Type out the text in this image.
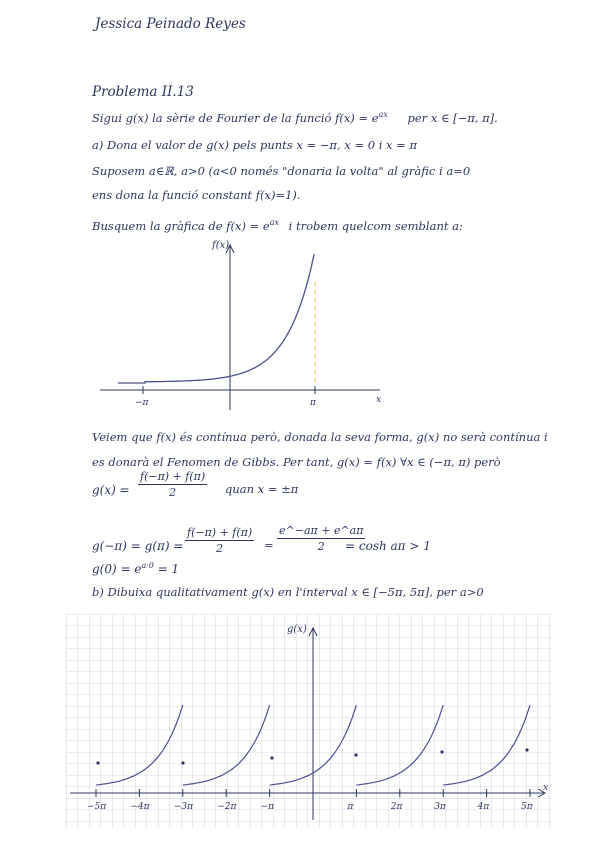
Jessica Peinado Reyes
Problema II.13
Sigui g(x) la sèrie de Fourier de la funció $f(x) = e^{ax}$ per x ∈ [−π, π].
a) Dona el valor de g(x) pels punts x = −π, x = 0 i x = π
Suposem a∈ℝ, a>0 (a<0 només "donaria la volta" al gràfic i a=0
ens dona la funció constant f(x)=1).
Busquem la gràfica de $f(x) = e^{ax}$ i trobem quelcom semblant a:
f(x)
x
−π	π
Veiem que f(x) és contínua però, donada la seva forma, g(x) no serà contínua i
es donarà el Fenomen de Gibbs. Per tant, g(x) = f(x) ∀x ∈ (−π, π) però
$g(x) = \frac{f(-\pi) + f(\pi)}{2}$ quan x = ±π
$g(-\pi) = g(\pi) = \frac{f(-\pi) + f(\pi)}{2} = \frac{e\^{}-a\pi + e\^{}a\pi}{2}$
= cosh aπ > 1
$g(0) = e^{a\cdot 0} = 1$
b) Dibuixa qualitativament g(x) en l'interval x ∈ [−5π, 5π], per a>0
−5π	−4π	−3π	−2π	−π	π	2π	3π	4π	5π
g(x)
x
